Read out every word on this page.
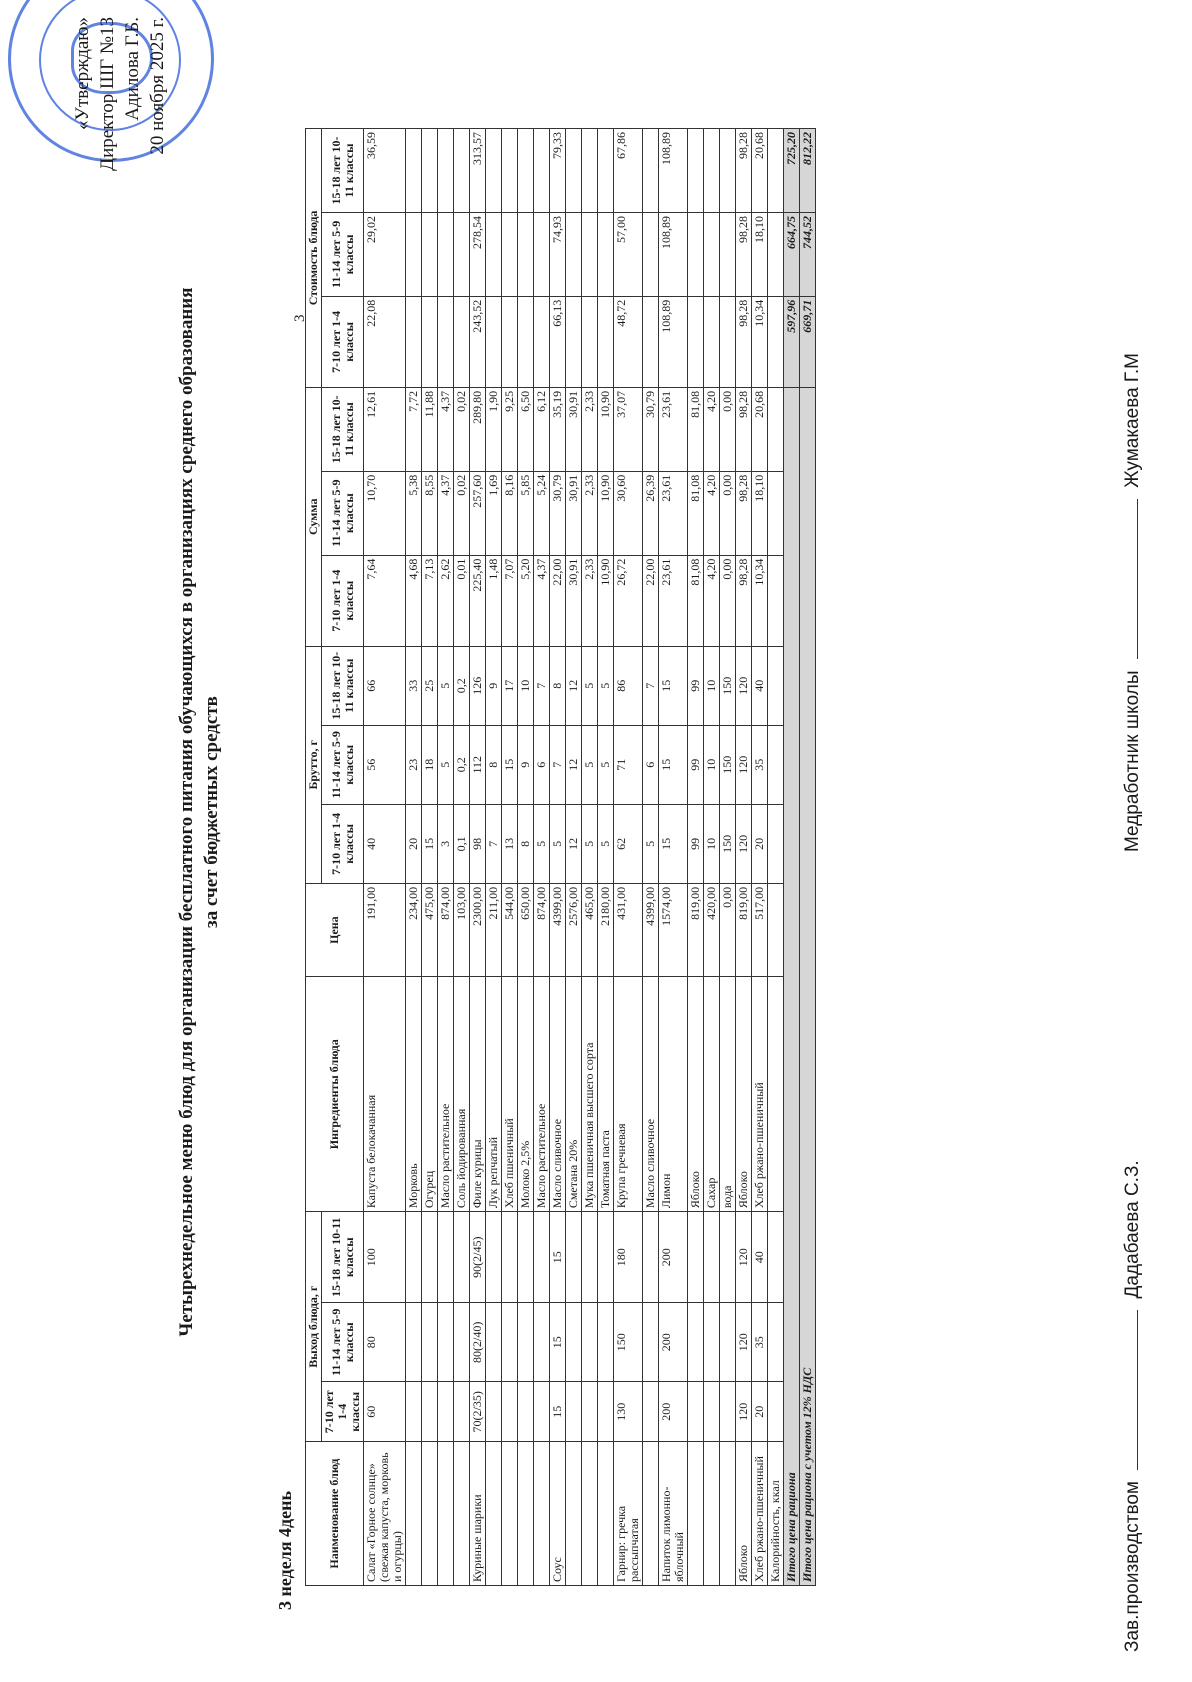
«Утверждаю» Директор ШГ №13 Адилова Г.Б. 20 ноября 2025 г.
Четырехнедельное меню блюд для организации бесплатного питания обучающихся в организациях среднего образования за счет бюджетных средств
3 неделя 4день
3
Наименование блюд	Выход блюда, г			Ингредиенты блюда	Цена	Брутто, г			Сумма			Стоимость блюда		
	7-10 лет 1-4 классы	11-14 лет 5-9 классы	15-18 лет 10-11 классы			7-10 лет 1-4 классы	11-14 лет 5-9 классы	15-18 лет 10-11 классы	7-10 лет 1-4 классы	11-14 лет 5-9 классы	15-18 лет 10-11 классы	7-10 лет 1-4 классы	11-14 лет 5-9 классы	15-18 лет 10-11 классы
Салат «Горное солнце» (свежая капуста, морковь и огурцы)	60	80	100	Капуста белокачанная	191,00	40	56	66	7,64	10,70	12,61	22,08	29,02	36,59
				Морковь	234,00	20	23	33	4,68	5,38	7,72			
				Огурец	475,00	15	18	25	7,13	8,55	11,88			
				Масло растительное	874,00	3	5	5	2,62	4,37	4,37			
				Соль йодированная	103,00	0,1	0,2	0,2	0,01	0,02	0,02			
Куриные шарики	70(2/35)	80(2/40)	90(2/45)	Филе курицы	2300,00	98	112	126	225,40	257,60	289,80	243,52	278,54	313,57
				Лук репчатый	211,00	7	8	9	1,48	1,69	1,90			
				Хлеб пшеничный	544,00	13	15	17	7,07	8,16	9,25			
				Молоко 2,5%	650,00	8	9	10	5,20	5,85	6,50			
				Масло растительное	874,00	5	6	7	4,37	5,24	6,12			
Соус	15	15	15	Масло сливочное	4399,00	5	7	8	22,00	30,79	35,19	66,13	74,93	79,33
				Сметана 20%	2576,00	12	12	12	30,91	30,91	30,91			
				Мука пшеничная высшего сорта	465,00	5	5	5	2,33	2,33	2,33			
				Томатная паста	2180,00	5	5	5	10,90	10,90	10,90			
Гарнир: гречка рассыпчатая	130	150	180	Крупа гречневая	431,00	62	71	86	26,72	30,60	37,07	48,72	57,00	67,86
				Масло сливочное	4399,00	5	6	7	22,00	26,39	30,79			
Напиток лимонно-яблочный	200	200	200	Лимон	1574,00	15	15	15	23,61	23,61	23,61	108,89	108,89	108,89
				Яблоко	819,00	99	99	99	81,08	81,08	81,08			
				Сахар	420,00	10	10	10	4,20	4,20	4,20			
				вода	0,00	150	150	150	0,00	0,00	0,00			
Яблоко	120	120	120	Яблоко	819,00	120	120	120	98,28	98,28	98,28	98,28	98,28	98,28
Хлеб ржано-пшеничный	20	35	40	Хлеб ржано-пшеничный	517,00	20	35	40	10,34	18,10	20,68	10,34	18,10	20,68
Калорийность, ккал														
Итого цена рациона												597,96	664,75	725,20
Итого цена рациона с учетом 12% НДС												669,71	744,52	812,22
Зав.производством  Дадабаева С.З.
Медработник школы  Жумакаева Г.М
